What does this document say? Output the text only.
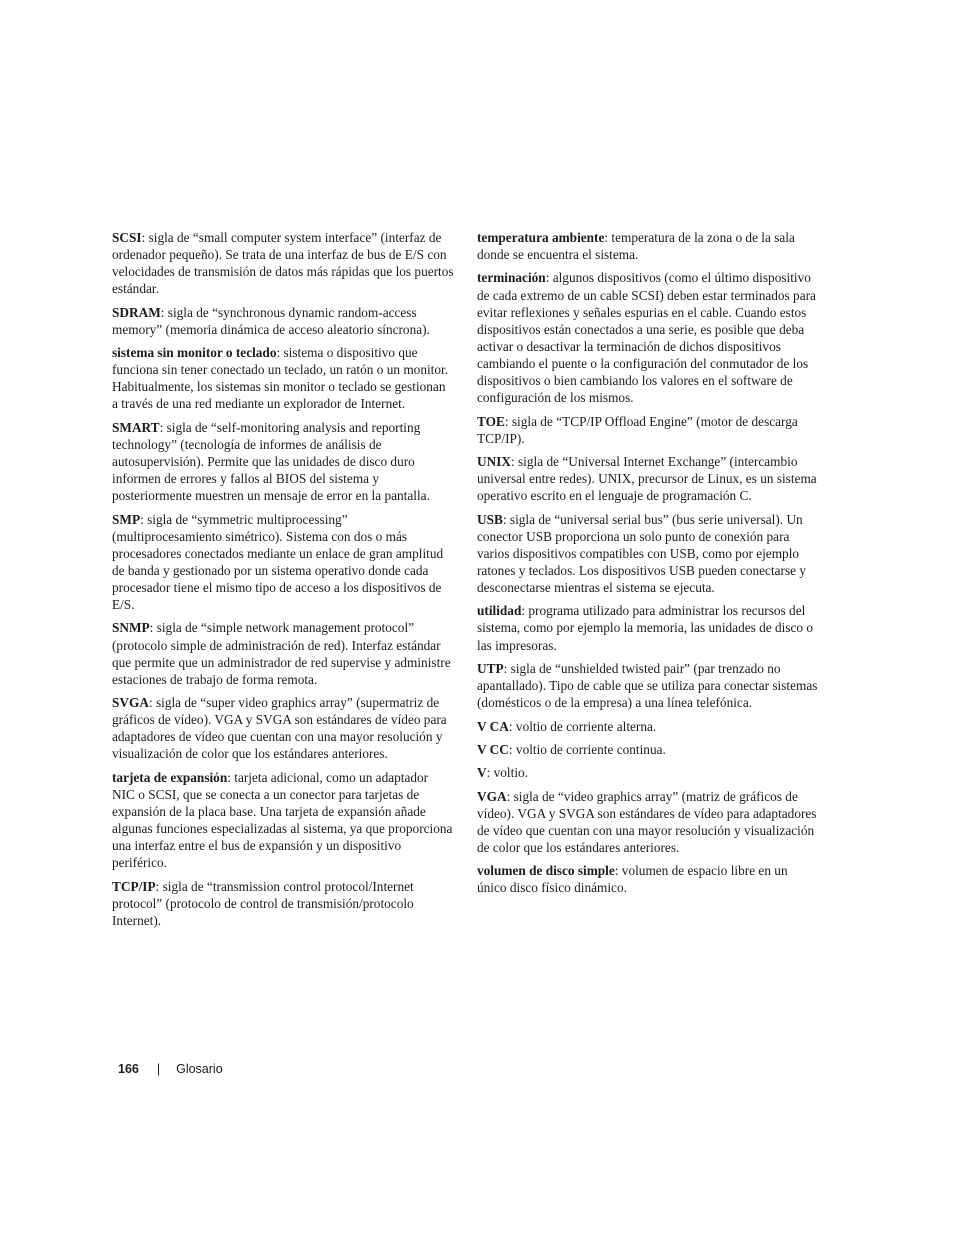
SCSI: sigla de “small computer system interface” (interfaz de ordenador pequeño). Se trata de una interfaz de bus de E/S con velocidades de transmisión de datos más rápidas que los puertos estándar.

SDRAM: sigla de “synchronous dynamic random-access memory” (memoria dinámica de acceso aleatorio síncrona).

sistema sin monitor o teclado: sistema o dispositivo que funciona sin tener conectado un teclado, un ratón o un monitor. Habitualmente, los sistemas sin monitor o teclado se gestionan a través de una red mediante un explorador de Internet.

SMART: sigla de “self-monitoring analysis and reporting technology” (tecnología de informes de análisis de autosupervisión). Permite que las unidades de disco duro informen de errores y fallos al BIOS del sistema y posteriormente muestren un mensaje de error en la pantalla.

SMP: sigla de “symmetric multiprocessing” (multiprocesamiento simétrico). Sistema con dos o más procesadores conectados mediante un enlace de gran amplitud de banda y gestionado por un sistema operativo donde cada procesador tiene el mismo tipo de acceso a los dispositivos de E/S.

SNMP: sigla de “simple network management protocol” (protocolo simple de administración de red). Interfaz estándar que permite que un administrador de red supervise y administre estaciones de trabajo de forma remota.

SVGA: sigla de “super video graphics array” (supermatriz de gráficos de vídeo). VGA y SVGA son estándares de vídeo para adaptadores de vídeo que cuentan con una mayor resolución y visualización de color que los estándares anteriores.

tarjeta de expansión: tarjeta adicional, como un adaptador NIC o SCSI, que se conecta a un conector para tarjetas de expansión de la placa base. Una tarjeta de expansión añade algunas funciones especializadas al sistema, ya que proporciona una interfaz entre el bus de expansión y un dispositivo periférico.

TCP/IP: sigla de “transmission control protocol/Internet protocol” (protocolo de control de transmisión/protocolo Internet).

temperatura ambiente: temperatura de la zona o de la sala donde se encuentra el sistema.

terminación: algunos dispositivos (como el último dispositivo de cada extremo de un cable SCSI) deben estar terminados para evitar reflexiones y señales espurias en el cable. Cuando estos dispositivos están conectados a una serie, es posible que deba activar o desactivar la terminación de dichos dispositivos cambiando el puente o la configuración del conmutador de los dispositivos o bien cambiando los valores en el software de configuración de los mismos.

TOE: sigla de “TCP/IP Offload Engine” (motor de descarga TCP/IP).

UNIX: sigla de “Universal Internet Exchange” (intercambio universal entre redes). UNIX, precursor de Linux, es un sistema operativo escrito en el lenguaje de programación C.

USB: sigla de “universal serial bus” (bus serie universal). Un conector USB proporciona un solo punto de conexión para varios dispositivos compatibles con USB, como por ejemplo ratones y teclados. Los dispositivos USB pueden conectarse y desconectarse mientras el sistema se ejecuta.

utilidad: programa utilizado para administrar los recursos del sistema, como por ejemplo la memoria, las unidades de disco o las impresoras.

UTP: sigla de “unshielded twisted pair” (par trenzado no apantallado). Tipo de cable que se utiliza para conectar sistemas (domésticos o de la empresa) a una línea telefónica.

V CA: voltio de corriente alterna.

V CC: voltio de corriente continua.

V: voltio.

VGA: sigla de “video graphics array” (matriz de gráficos de vídeo). VGA y SVGA son estándares de vídeo para adaptadores de vídeo que cuentan con una mayor resolución y visualización de color que los estándares anteriores.

volumen de disco simple: volumen de espacio libre en un único disco físico dinámico.

166 | Glosario
